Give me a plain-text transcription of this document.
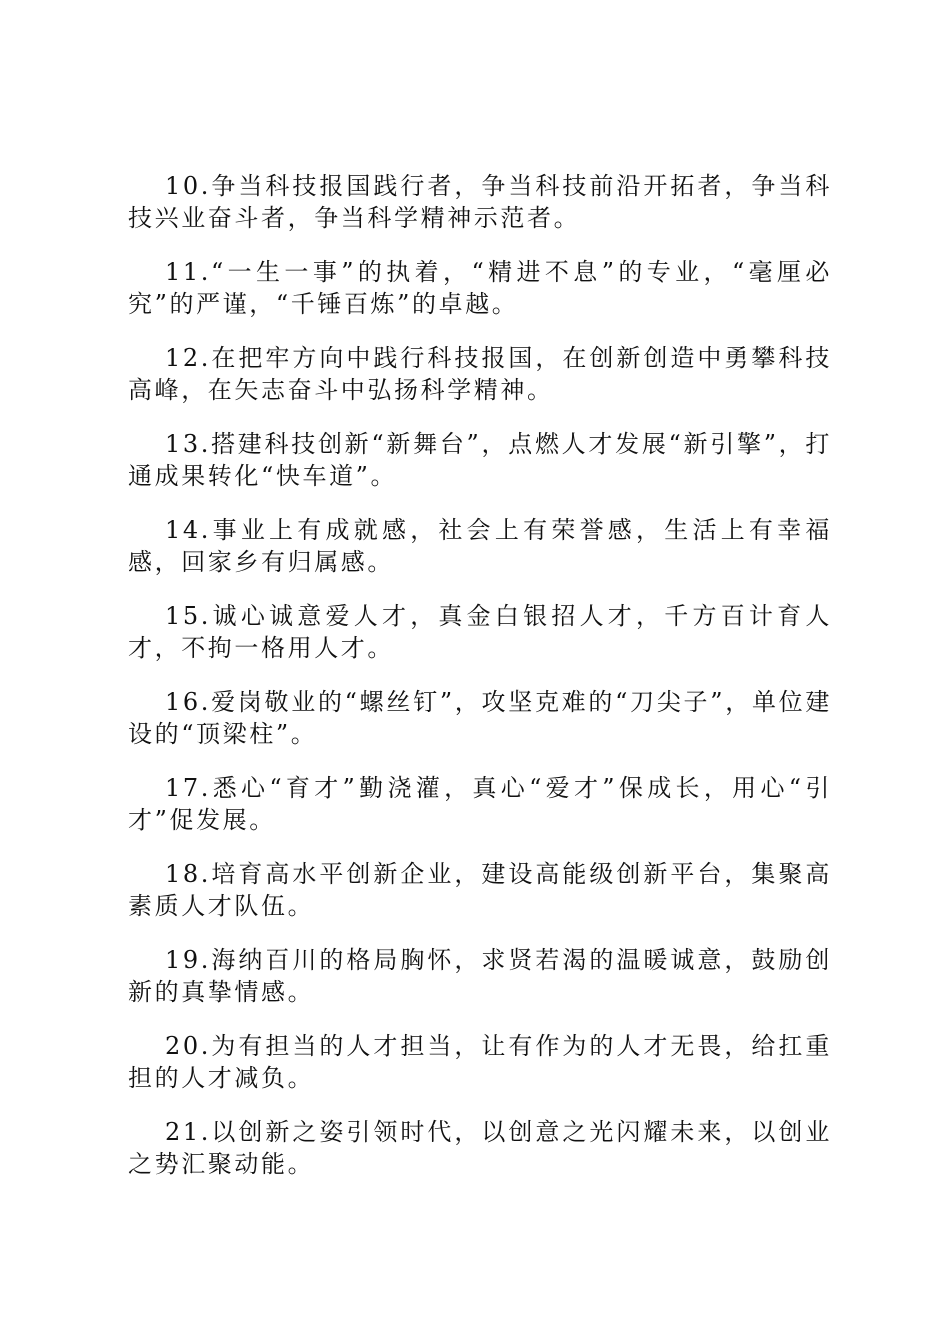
10.争当科技报国践行者，争当科技前沿开拓者，争当科技兴业奋斗者，争当科学精神示范者。

11.“一生一事”的执着，“精进不息”的专业，“毫厘必究”的严谨，“千锤百炼”的卓越。

12.在把牢方向中践行科技报国，在创新创造中勇攀科技高峰，在矢志奋斗中弘扬科学精神。

13.搭建科技创新“新舞台”，点燃人才发展“新引擎”，打通成果转化“快车道”。

14.事业上有成就感，社会上有荣誉感，生活上有幸福感，回家乡有归属感。

15.诚心诚意爱人才，真金白银招人才，千方百计育人才，不拘一格用人才。

16.爱岗敬业的“螺丝钉”，攻坚克难的“刀尖子”，单位建设的“顶梁柱”。

17.悉心“育才”勤浇灌，真心“爱才”保成长，用心“引才”促发展。

18.培育高水平创新企业，建设高能级创新平台，集聚高素质人才队伍。

19.海纳百川的格局胸怀，求贤若渴的温暖诚意，鼓励创新的真挚情感。

20.为有担当的人才担当，让有作为的人才无畏，给扛重担的人才减负。

21.以创新之姿引领时代，以创意之光闪耀未来，以创业之势汇聚动能。
